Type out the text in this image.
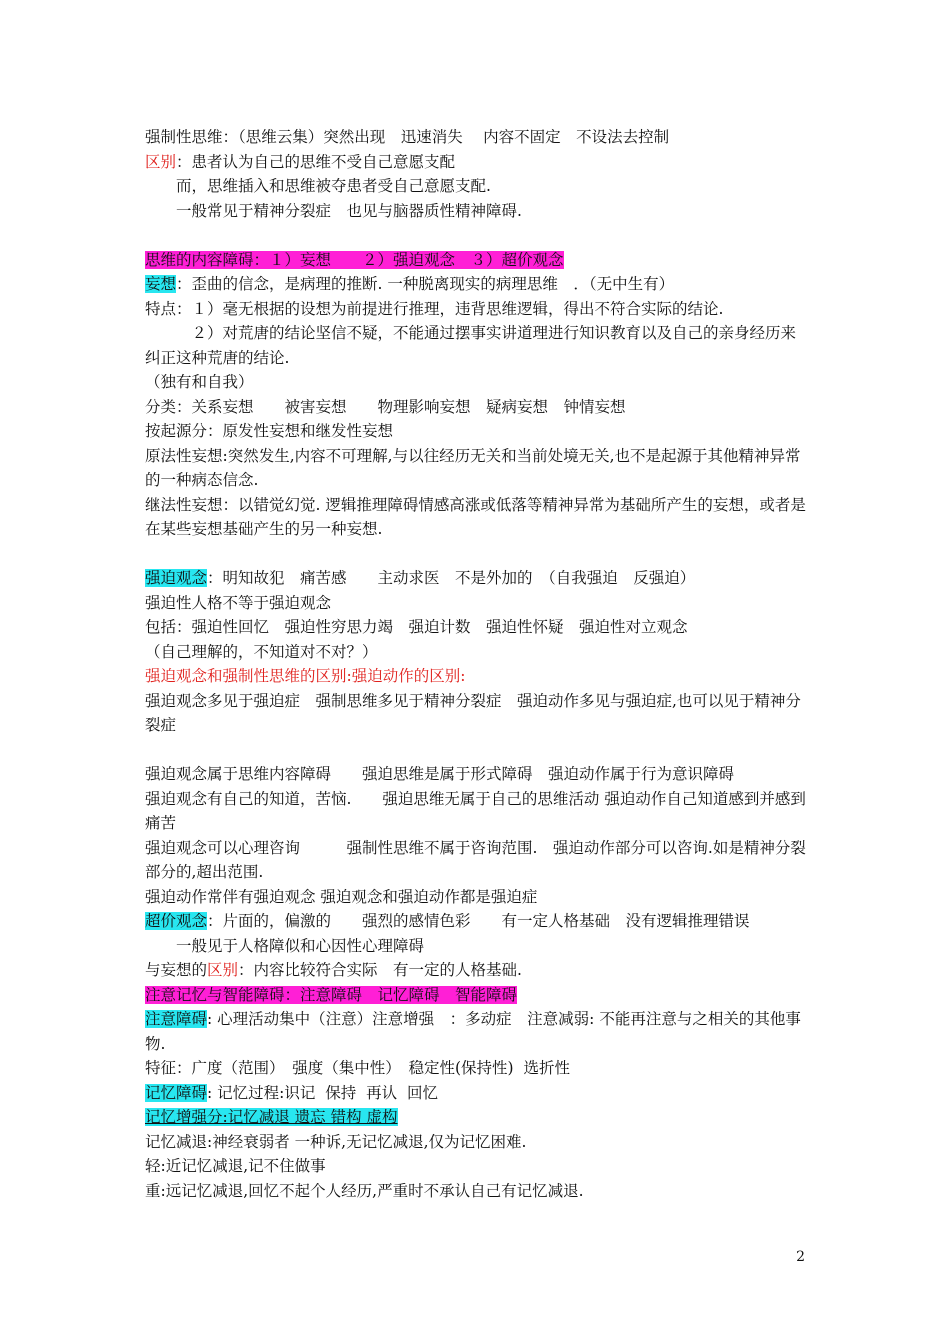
强制性思维：（思维云集）突然出现　迅速消失　 内容不固定　不设法去控制
区别：患者认为自己的思维不受自己意愿支配
　　而，思维插入和思维被夺患者受自己意愿支配.
　　一般常见于精神分裂症　也见与脑器质性精神障碍.
思维的内容障碍：１）妄想　　２）强迫观念　３）超价观念
妄想：歪曲的信念，是病理的推断. 一种脱离现实的病理思维　．（无中生有）
特点：１）毫无根据的设想为前提进行推理，违背思维逻辑，得出不符合实际的结论.
　　　２）对荒唐的结论坚信不疑，不能通过摆事实讲道理进行知识教育以及自己的亲身经历来纠正这种荒唐的结论.
（独有和自我）
分类：关系妄想　　被害妄想　　物理影响妄想　疑病妄想　钟情妄想
按起源分：原发性妄想和继发性妄想
原法性妄想:突然发生,内容不可理解,与以往经历无关和当前处境无关,也不是起源于其他精神异常的一种病态信念.
继法性妄想：以错觉幻觉. 逻辑推理障碍情感高涨或低落等精神异常为基础所产生的妄想，或者是在某些妄想基础产生的另一种妄想.
强迫观念：明知故犯　痛苦感　　主动求医　不是外加的　（自我强迫　反强迫）
强迫性人格不等于强迫观念
包括：强迫性回忆　强迫性穷思力竭　强迫计数　强迫性怀疑　强迫性对立观念
（自己理解的，不知道对不对？）
强迫观念和强制性思维的区别:强迫动作的区别:
强迫观念多见于强迫症　强制思维多见于精神分裂症　强迫动作多见与强迫症,也可以见于精神分裂症
强迫观念属于思维内容障碍　　强迫思维是属于形式障碍　强迫动作属于行为意识障碍
强迫观念有自己的知道，苦恼.　　强迫思维无属于自己的思维活动 强迫动作自己知道感到并感到痛苦
强迫观念可以心理咨询　　　强制性思维不属于咨询范围.　强迫动作部分可以咨询.如是精神分裂部分的,超出范围.
强迫动作常伴有强迫观念 强迫观念和强迫动作都是强迫症
超价观念：片面的，偏激的　　强烈的感情色彩　　有一定人格基础　没有逻辑推理错误
　　一般见于人格障似和心因性心理障碍
与妄想的区别：内容比较符合实际　有一定的人格基础.
注意记忆与智能障碍：注意障碍　记忆障碍　智能障碍
注意障碍: 心理活动集中（注意）注意增强　：多动症　注意减弱: 不能再注意与之相关的其他事物.
特征：广度（范围）　强度（集中性）　稳定性(保持性)  选折性
记忆障碍: 记忆过程:识记  保持  再认  回忆
记忆增强分:记忆减退 遗忘 错构 虚构
记忆减退:神经衰弱者 一种诉,无记忆减退,仅为记忆困难.
轻:近记忆减退,记不住做事
重:远记忆减退,回忆不起个人经历,严重时不承认自己有记忆减退.
2
